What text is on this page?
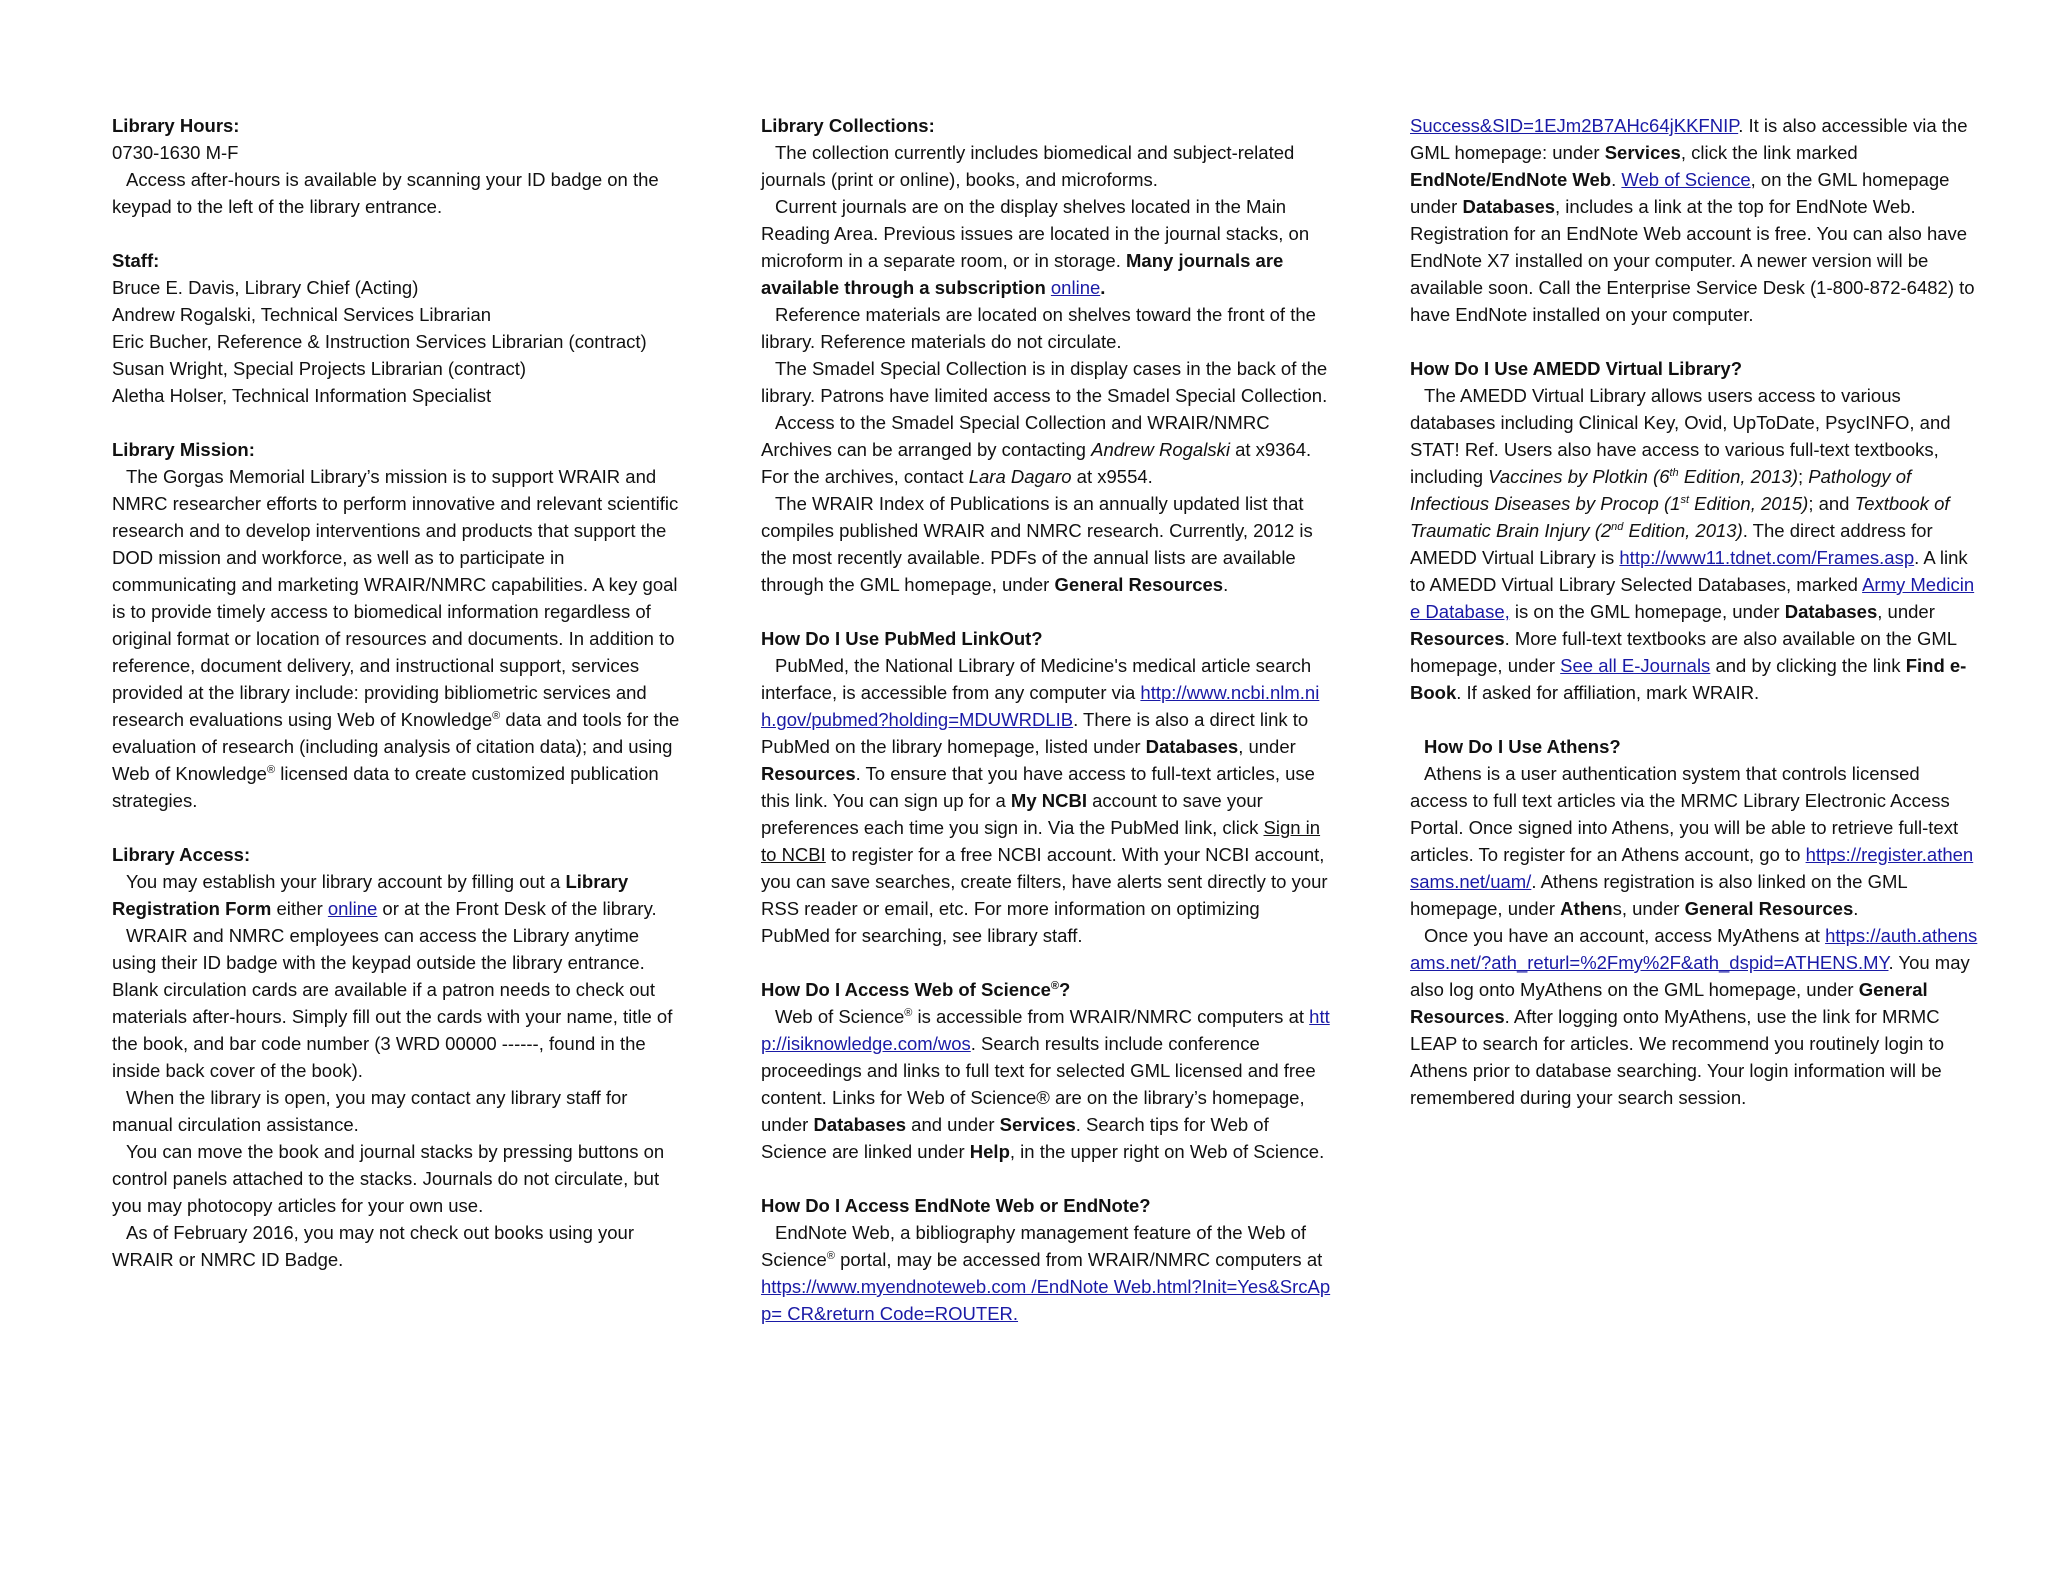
Library Hours:

0730-1630 M-F

Access after-hours is available by scanning your ID badge on the keypad to the left of the library entrance.

Staff:

Bruce E. Davis, Library Chief (Acting)

Andrew Rogalski, Technical Services Librarian

Eric Bucher, Reference & Instruction Services Librarian (contract)

Susan Wright, Special Projects Librarian (contract)

Aletha Holser, Technical Information Specialist

Library Mission:

The Gorgas Memorial Library’s mission is to support WRAIR and NMRC researcher efforts to perform innovative and relevant scientific research and to develop interventions and products that support the DOD mission and workforce, as well as to participate in communicating and marketing WRAIR/NMRC capabilities. A key goal is to provide timely access to biomedical information regardless of original format or location of resources and documents. In addition to reference, document delivery, and instructional support, services provided at the library include: providing bibliometric services and research evaluations using Web of Knowledge® data and tools for the evaluation of research (including analysis of citation data); and using Web of Knowledge® licensed data to create customized publication strategies.

Library Access:

You may establish your library account by filling out a Library Registration Form either online or at the Front Desk of the library.

WRAIR and NMRC employees can access the Library anytime using their ID badge with the keypad outside the library entrance. Blank circulation cards are available if a patron needs to check out materials after-hours. Simply fill out the cards with your name, title of the book, and bar code number (3 WRD 00000 ------, found in the inside back cover of the book).

When the library is open, you may contact any library staff for manual circulation assistance.

You can move the book and journal stacks by pressing buttons on control panels attached to the stacks. Journals do not circulate, but you may photocopy articles for your own use.

As of February 2016, you may not check out books using your WRAIR or NMRC ID Badge.

Library Collections:

The collection currently includes biomedical and subject-related journals (print or online), books, and microforms.

Current journals are on the display shelves located in the Main Reading Area. Previous issues are located in the journal stacks, on microform in a separate room, or in storage. Many journals are available through a subscription online.

Reference materials are located on shelves toward the front of the library. Reference materials do not circulate.

The Smadel Special Collection is in display cases in the back of the library. Patrons have limited access to the Smadel Special Collection.

Access to the Smadel Special Collection and WRAIR/NMRC Archives can be arranged by contacting Andrew Rogalski at x9364. For the archives, contact Lara Dagaro at x9554.

The WRAIR Index of Publications is an annually updated list that compiles published WRAIR and NMRC research. Currently, 2012 is the most recently available. PDFs of the annual lists are available through the GML homepage, under General Resources.

How Do I Use PubMed LinkOut?

PubMed, the National Library of Medicine's medical article search interface, is accessible from any computer via http://www.ncbi.nlm.nih.gov/pubmed?holding=MDUWRDLIB. There is also a direct link to PubMed on the library homepage, listed under Databases, under Resources. To ensure that you have access to full-text articles, use this link. You can sign up for a My NCBI account to save your preferences each time you sign in. Via the PubMed link, click Sign in to NCBI to register for a free NCBI account. With your NCBI account, you can save searches, create filters, have alerts sent directly to your RSS reader or email, etc. For more information on optimizing PubMed for searching, see library staff.

How Do I Access Web of Science®?

Web of Science® is accessible from WRAIR/NMRC computers at http://isiknowledge.com/wos. Search results include conference proceedings and links to full text for selected GML licensed and free content. Links for Web of Science® are on the library’s homepage, under Databases and under Services. Search tips for Web of Science are linked under Help, in the upper right on Web of Science.

How Do I Access EndNote Web or EndNote?

EndNote Web, a bibliography management feature of the Web of Science® portal, may be accessed from WRAIR/NMRC computers at https://www.myendnoteweb.com /EndNote Web.html?Init=Yes&SrcApp= CR&return Code=ROUTER.

Success&SID=1EJm2B7AHc64jKKFNIP. It is also accessible via the GML homepage: under Services, click the link marked EndNote/EndNote Web. Web of Science, on the GML homepage under Databases, includes a link at the top for EndNote Web. Registration for an EndNote Web account is free. You can also have EndNote X7 installed on your computer. A newer version will be available soon. Call the Enterprise Service Desk (1-800-872-6482) to have EndNote installed on your computer.

How Do I Use AMEDD Virtual Library?

The AMEDD Virtual Library allows users access to various databases including Clinical Key, Ovid, UpToDate, PsycINFO, and STAT! Ref. Users also have access to various full-text textbooks, including Vaccines by Plotkin (6th Edition, 2013); Pathology of Infectious Diseases by Procop (1st Edition, 2015); and Textbook of Traumatic Brain Injury (2nd Edition, 2013). The direct address for AMEDD Virtual Library is http://www11.tdnet.com/Frames.asp. A link to AMEDD Virtual Library Selected Databases, marked Army Medicine Database, is on the GML homepage, under Databases, under Resources. More full-text textbooks are also available on the GML homepage, under See all E-Journals and by clicking the link Find e-Book. If asked for affiliation, mark WRAIR.

How Do I Use Athens?

Athens is a user authentication system that controls licensed access to full text articles via the MRMC Library Electronic Access Portal. Once signed into Athens, you will be able to retrieve full-text articles. To register for an Athens account, go to https://register.athensams.net/uam/. Athens registration is also linked on the GML homepage, under Athens, under General Resources.

Once you have an account, access MyAthens at https://auth.athensams.net/?ath_returl=%2Fmy%2F&ath_dspid=ATHENS.MY. You may also log onto MyAthens on the GML homepage, under General Resources. After logging onto MyAthens, use the link for MRMC LEAP to search for articles. We recommend you routinely login to Athens prior to database searching. Your login information will be remembered during your search session.
